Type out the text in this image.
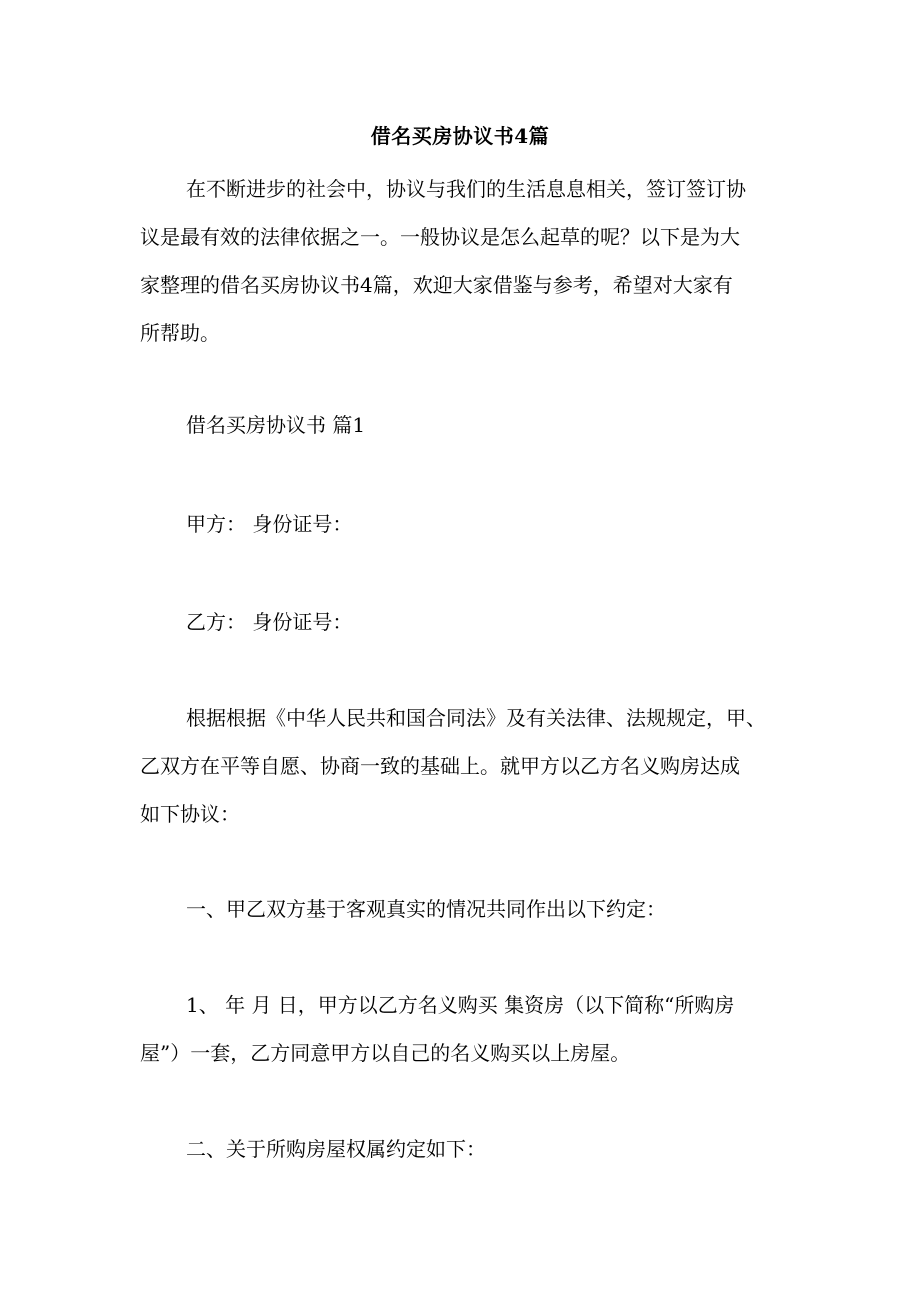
借名买房协议书4篇
在不断进步的社会中，协议与我们的生活息息相关，签订签订协
议是最有效的法律依据之一。一般协议是怎么起草的呢？以下是为大
家整理的借名买房协议书4篇，欢迎大家借鉴与参考，希望对大家有
所帮助。
借名买房协议书 篇1
甲方： 身份证号：
乙方： 身份证号：
根据根据《中华人民共和国合同法》及有关法律、法规规定，甲、
乙双方在平等自愿、协商一致的基础上。就甲方以乙方名义购房达成
如下协议：
一、甲乙双方基于客观真实的情况共同作出以下约定：
1、 年 月 日，甲方以乙方名义购买 集资房（以下简称“所购房
屋”）一套，乙方同意甲方以自己的名义购买以上房屋。
二、关于所购房屋权属约定如下：
